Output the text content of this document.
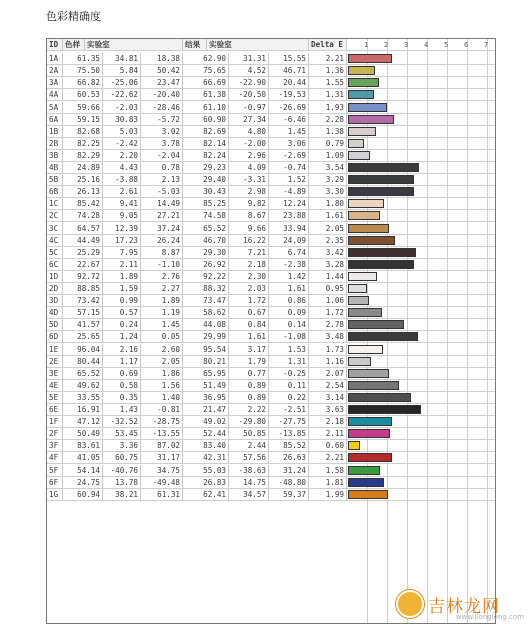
色彩精确度
ID 色样 实验室	结果	实验室	Delta E	1 2 3 4 5 6 7
1A	61.35	34.81	18.38	62.90	31.31	15.55	2.21
2A	75.50	5.84	50.42	75.65	4.52	46.71	1.36
3A	66.82	-25.06	23.47	66.69	-22.90	20.44	1.55
4A	60.53	-22.62	-20.40	61.38	-20.50	-19.53	1.31
5A	59.66	-2.03	-28.46	61.10	-0.97	-26.69	1.93
6A	59.15	30.83	-5.72	60.90	27.34	-6.46	2.28
1B	82.68	5.03	3.02	82.69	4.80	1.45	1.38
2B	82.25	-2.42	3.78	82.14	-2.00	3.06	0.79
3B	82.29	2.20	-2.04	82.24	2.96	-2.69	1.09
4B	24.89	4.43	0.78	29.23	4.09	-0.74	3.54
5B	25.16	-3.88	2.13	29.40	-3.31	1.52	3.29
6B	26.13	2.61	-5.03	30.43	2.98	-4.89	3.30
1C	85.42	9.41	14.49	85.25	9.82	12.24	1.80
2C	74.28	9.05	27.21	74.58	8.67	23.88	1.61
3C	64.57	12.39	37.24	65.52	9.66	33.94	2.05
4C	44.49	17.23	26.24	46.70	16.22	24.09	2.35
5C	25.29	7.95	8.87	29.30	7.21	6.74	3.42
6C	22.67	2.11	-1.10	26.92	2.18	-2.38	3.28
1D	92.72	1.89	2.76	92.22	2.30	1.42	1.44
2D	88.85	1.59	2.27	88.32	2.03	1.61	0.95
3D	73.42	0.99	1.89	73.47	1.72	0.86	1.06
4D	57.15	0.57	1.19	58.62	0.67	0.09	1.72
5D	41.57	0.24	1.45	44.08	0.84	0.14	2.78
6D	25.65	1.24	0.05	29.99	1.61	-1.08	3.48
1E	96.04	2.16	2.60	95.54	3.17	1.53	1.73
2E	80.44	1.17	2.05	80.21	1.79	1.31	1.16
3E	65.52	0.69	1.86	65.95	0.77	-0.25	2.07
4E	49.62	0.58	1.56	51.49	0.89	0.11	2.54
5E	33.55	0.35	1.40	36.95	0.89	0.22	3.14
6E	16.91	1.43	-0.81	21.47	2.22	-2.51	3.63
1F	47.12	-32.52	-28.75	49.02	-29.80	-27.75	2.18
2F	50.49	53.45	-13.55	52.44	50.85	-13.85	2.11
3F	83.61	3.36	87.02	83.40	2.44	85.52	0.60
4F	41.05	60.75	31.17	42.31	57.56	26.63	2.21
5F	54.14	-40.76	34.75	55.03	-38.63	31.24	1.58
6F	24.75	13.78	-49.48	26.83	14.75	-48.80	1.81
1G	60.94	38.21	61.31	62.41	34.57	59.37	1.99
吉林龙网
www.jlonglong.com
